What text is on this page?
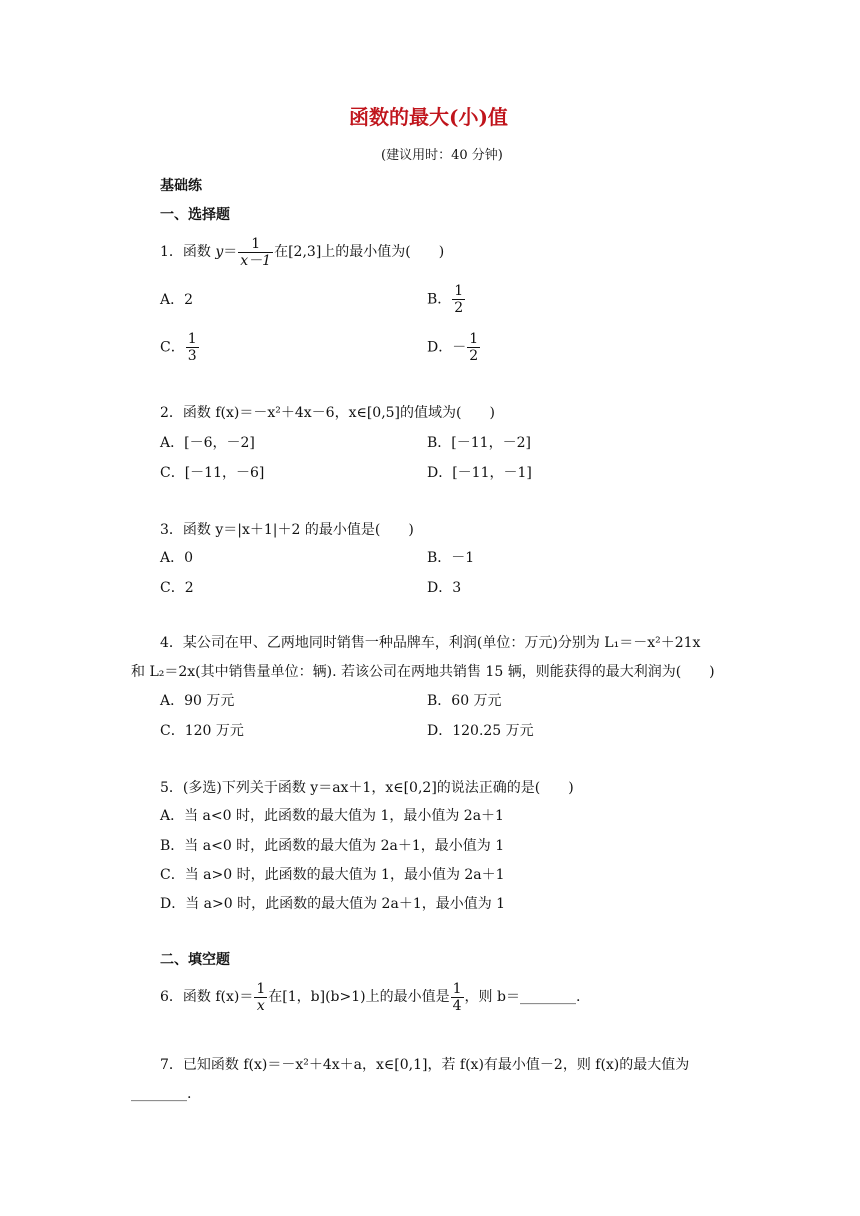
函数的最大(小)值
(建议用时：40 分钟)
基础练
一、选择题
1．函数 $y= \frac{1}{x-1}$ 在[2,3]上的最小值为(　　)
A．2	B． $\frac{1}{2}$
C． $\frac{1}{3}$	D．－ $\frac{1}{2}$
2．函数 f(x)＝－x²＋4x－6，x∈[0,5]的值域为(　　)
A．[－6，－2]	B．[－11，－2]
C．[－11，－6]	D．[－11，－1]
3．函数 y＝|x＋1|＋2 的最小值是(　　)
A．0	B．－1
C．2	D．3
4．某公司在甲、乙两地同时销售一种品牌车，利润(单位：万元)分别为 L₁＝－x²＋21x
和 L₂＝2x(其中销售量单位：辆). 若该公司在两地共销售 15 辆，则能获得的最大利润为(　　)
A．90 万元	B．60 万元
C．120 万元	D．120.25 万元
5．(多选)下列关于函数 y＝ax＋1，x∈[0,2]的说法正确的是(　　)
A．当 a<0 时，此函数的最大值为 1，最小值为 2a＋1
B．当 a<0 时，此函数的最大值为 2a＋1，最小值为 1
C．当 a>0 时，此函数的最大值为 1，最小值为 2a＋1
D．当 a>0 时，此函数的最大值为 2a＋1，最小值为 1
二、填空题
6．函数 $f(x)= \frac{1}{x}$ 在[1，b](b>1)上的最小值是 $\frac{1}{4}$ ，则 b＝________.
7．已知函数 f(x)＝－x²＋4x＋a，x∈[0,1]，若 f(x)有最小值－2，则 f(x)的最大值为
________.
